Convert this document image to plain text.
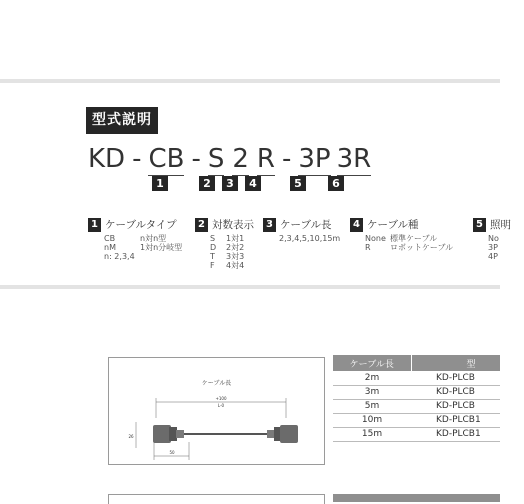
型式説明
KD - CB - S 2 R - 3P 3R
1	2	3	4	5	6
1 ケーブルタイプ	2 対数表示	3 ケーブル長	4 ケーブル種	5 照明
CB	n対n型
nM	1対n分岐型
n: 2,3,4
S	1対1
D	2対2
T	3対3
F	4対4
2,3,4,5,10,15m	None 標準ケーブル
R	ロボットケーブル
No
3P
4P
ケーブル長
+100
L-0
26
50
ケーブル長	型
2m	KD-PLCB
3m	KD-PLCB
5m	KD-PLCB
10m	KD-PLCB1
15m	KD-PLCB1
